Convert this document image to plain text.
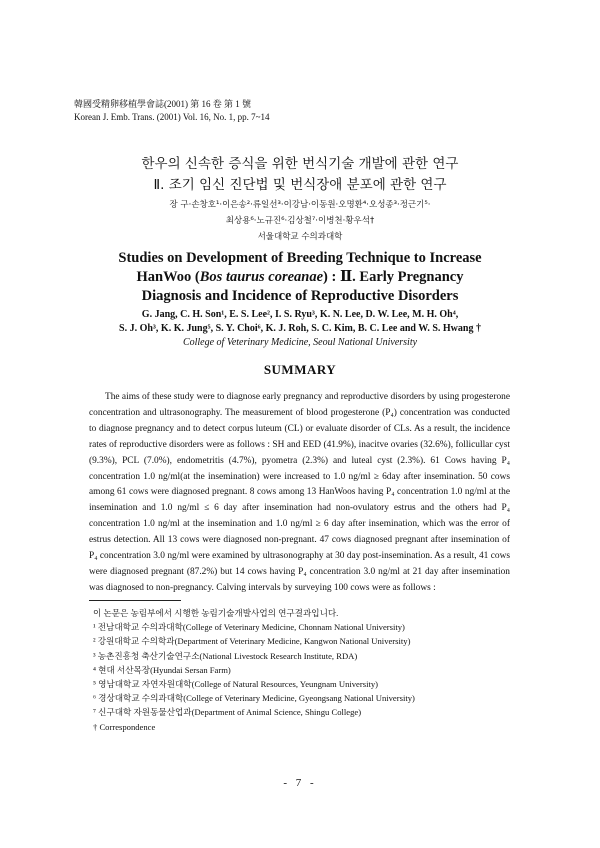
韓國受精卵移植學會誌(2001) 第 16 卷 第 1 號
Korean J. Emb. Trans. (2001) Vol. 16, No. 1, pp. 7~14
한우의 신속한 증식을 위한 번식기술 개발에 관한 연구
Ⅱ. 조기 임신 진단법 및 번식장애 분포에 관한 연구
장 구·손창호¹·이은송²·류일선³·이강남·이동원·오명환⁴·오성종³·정근기⁵·
최상용⁶·노규진⁶·김상철⁷·이병천·황우석†
서울대학교 수의과대학
Studies on Development of Breeding Technique to Increase
HanWoo (Bos taurus coreanae) : Ⅱ. Early Pregnancy
Diagnosis and Incidence of Reproductive Disorders
G. Jang, C. H. Son¹, E. S. Lee², I. S. Ryu³, K. N. Lee, D. W. Lee, M. H. Oh⁴,
S. J. Oh³, K. K. Jung⁵, S. Y. Choi⁶, K. J. Roh, S. C. Kim, B. C. Lee and W. S. Hwang †
College of Veterinary Medicine, Seoul National University
SUMMARY

The aims of these study were to diagnose early pregnancy and reproductive disorders by using progesterone concentration and ultrasonography. The measurement of blood progesterone (P₄) concentration was conducted to diagnose pregnancy and to detect corpus luteum (CL) or evaluate disorder of CLs. As a result, the incidence rates of reproductive disorders were as follows : SH and EED (41.9%), inacitve ovaries (32.6%), follicullar cyst (9.3%), PCL (7.0%), endometritis (4.7%), pyometra (2.3%) and luteal cyst (2.3%). 61 Cows having P₄ concentration 1.0 ng/ml(at the insemination) were increased to 1.0 ng/ml ≥ 6day after insemination. 50 cows among 61 cows were diagnosed pregnant. 8 cows among 13 HanWoos having P₄ concentration 1.0 ng/ml at the insemination and 1.0 ng/ml ≤ 6 day after insemination had non-ovulatory estrus and the others had P₄ concentration 1.0 ng/ml at the insemination and 1.0 ng/ml ≥ 6 day after insemination, which was the error of estrus detection. All 13 cows were diagnosed non-pregnant. 47 cows diagnosed pregnant after insemination of P₄ concentration 3.0 ng/ml were examined by ultrasonography at 30 day post-insemination. As a result, 41 cows were diagnosed pregnant (87.2%) but 14 cows having P₄ concentration 3.0 ng/ml at 21 day after insemination was diagnosed to non-pregnancy. Calving intervals by surveying 100 cows were as follows :

이 논문은 농림부에서 시행한 농림기술개발사업의 연구결과입니다.
¹ 전남대학교 수의과대학(College of Veterinary Medicine, Chonnam National University)
² 강원대학교 수의학과(Department of Veterinary Medicine, Kangwon National University)
³ 농촌진흥청 축산기술연구소(National Livestock Research Institute, RDA)
⁴ 현대 서산목장(Hyundai Sersan Farm)
⁵ 영남대학교 자연자원대학(College of Natural Resources, Yeungnam University)
⁶ 경상대학교 수의과대학(College of Veterinary Medicine, Gyeongsang National University)
⁷ 신구대학 자원동물산업과(Department of Animal Science, Shingu College)
† Correspondence
- 7 -
